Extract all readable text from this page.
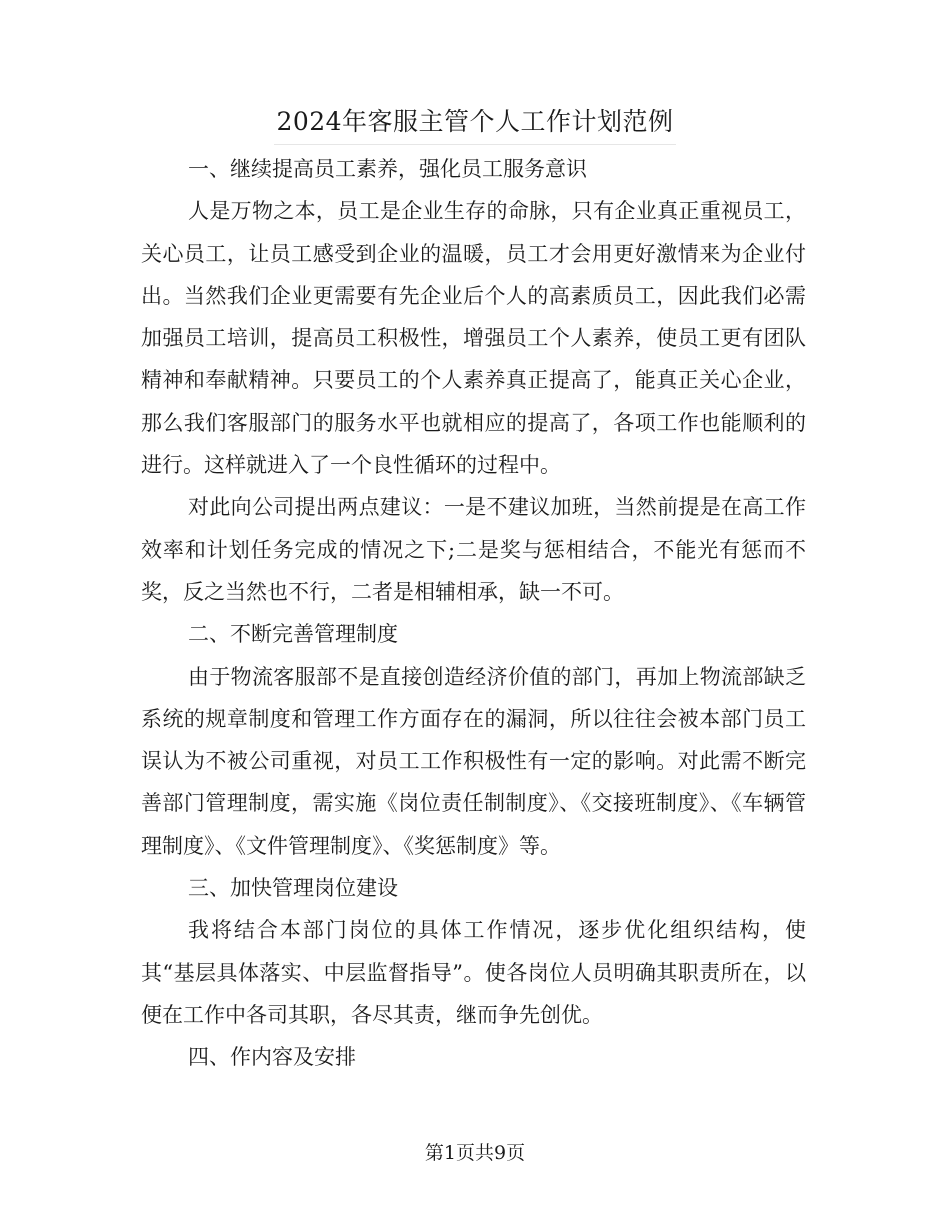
2024年客服主管个人工作计划范例

一、继续提高员工素养，强化员工服务意识

人是万物之本，员工是企业生存的命脉，只有企业真正重视员工，关心员工，让员工感受到企业的温暖，员工才会用更好激情来为企业付出。当然我们企业更需要有先企业后个人的高素质员工，因此我们必需加强员工培训，提高员工积极性，增强员工个人素养，使员工更有团队精神和奉献精神。只要员工的个人素养真正提高了，能真正关心企业，那么我们客服部门的服务水平也就相应的提高了，各项工作也能顺利的进行。这样就进入了一个良性循环的过程中。

对此向公司提出两点建议：一是不建议加班，当然前提是在高工作效率和计划任务完成的情况之下;二是奖与惩相结合，不能光有惩而不奖，反之当然也不行，二者是相辅相承，缺一不可。

二、不断完善管理制度

由于物流客服部不是直接创造经济价值的部门，再加上物流部缺乏系统的规章制度和管理工作方面存在的漏洞，所以往往会被本部门员工误认为不被公司重视，对员工工作积极性有一定的影响。对此需不断完善部门管理制度，需实施《岗位责任制制度》、《交接班制度》、《车辆管理制度》、《文件管理制度》、《奖惩制度》等。

三、加快管理岗位建设

我将结合本部门岗位的具体工作情况，逐步优化组织结构，使其“基层具体落实、中层监督指导”。使各岗位人员明确其职责所在，以便在工作中各司其职，各尽其责，继而争先创优。

四、作内容及安排

第1页共9页
